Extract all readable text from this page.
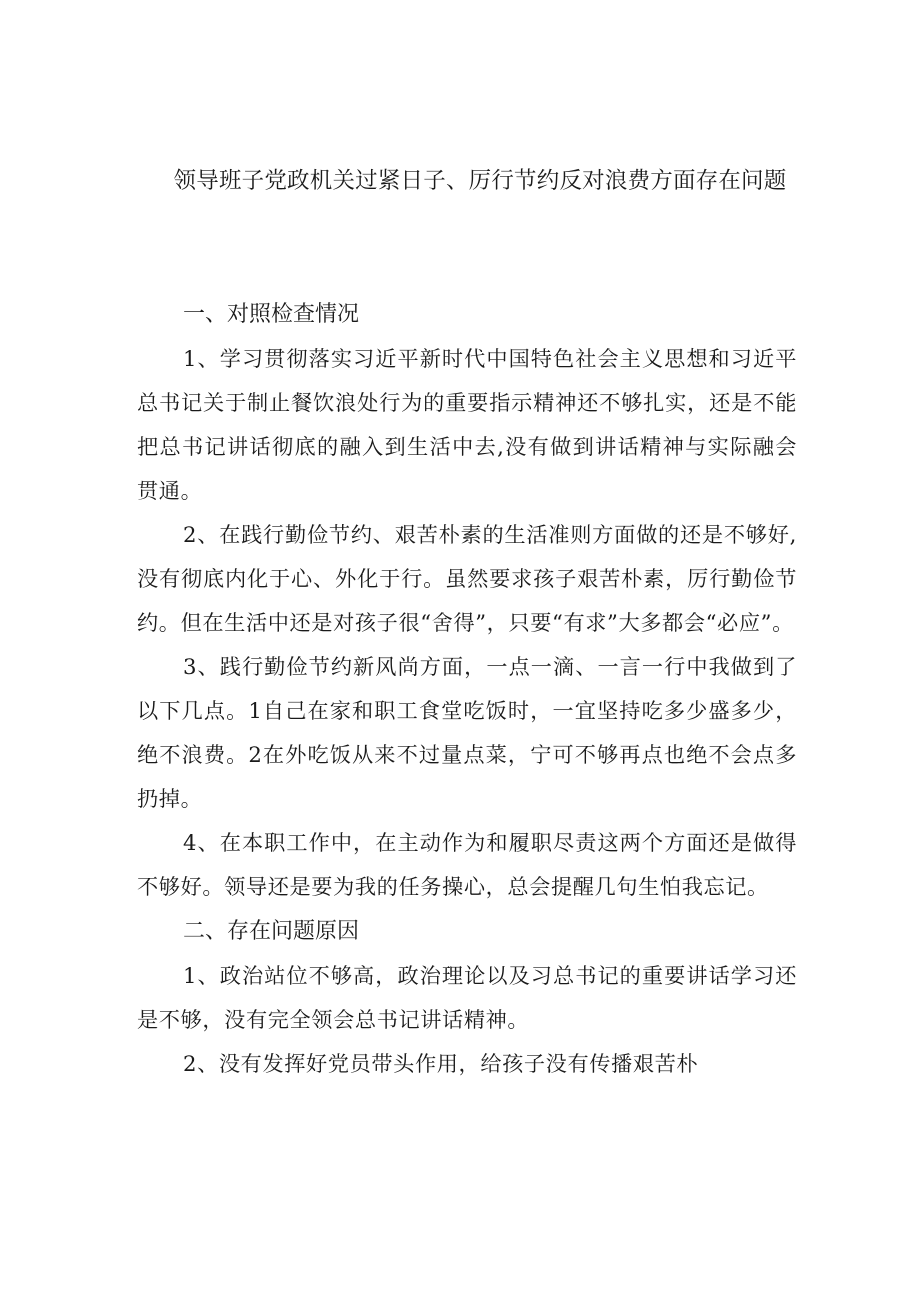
领导班子党政机关过紧日子、厉行节约反对浪费方面存在问题

一、对照检查情况

1、学习贯彻落实习近平新时代中国特色社会主义思想和习近平总书记关于制止餐饮浪处行为的重要指示精神还不够扎实，还是不能把总书记讲话彻底的融入到生活中去,没有做到讲话精神与实际融会贯通。

2、在践行勤俭节约、艰苦朴素的生活准则方面做的还是不够好,没有彻底内化于心、外化于行。虽然要求孩子艰苦朴素，厉行勤俭节约。但在生活中还是对孩子很“舍得”，只要“有求”大多都会“必应”。

3、践行勤俭节约新风尚方面，一点一滴、一言一行中我做到了以下几点。1自己在家和职工食堂吃饭时，一宜坚持吃多少盛多少，绝不浪费。2在外吃饭从来不过量点菜，宁可不够再点也绝不会点多扔掉。

4、在本职工作中，在主动作为和履职尽责这两个方面还是做得不够好。领导还是要为我的任务操心，总会提醒几句生怕我忘记。

二、存在问题原因

1、政治站位不够高，政治理论以及习总书记的重要讲话学习还是不够，没有完全领会总书记讲话精神。

2、没有发挥好党员带头作用，给孩子没有传播艰苦朴
